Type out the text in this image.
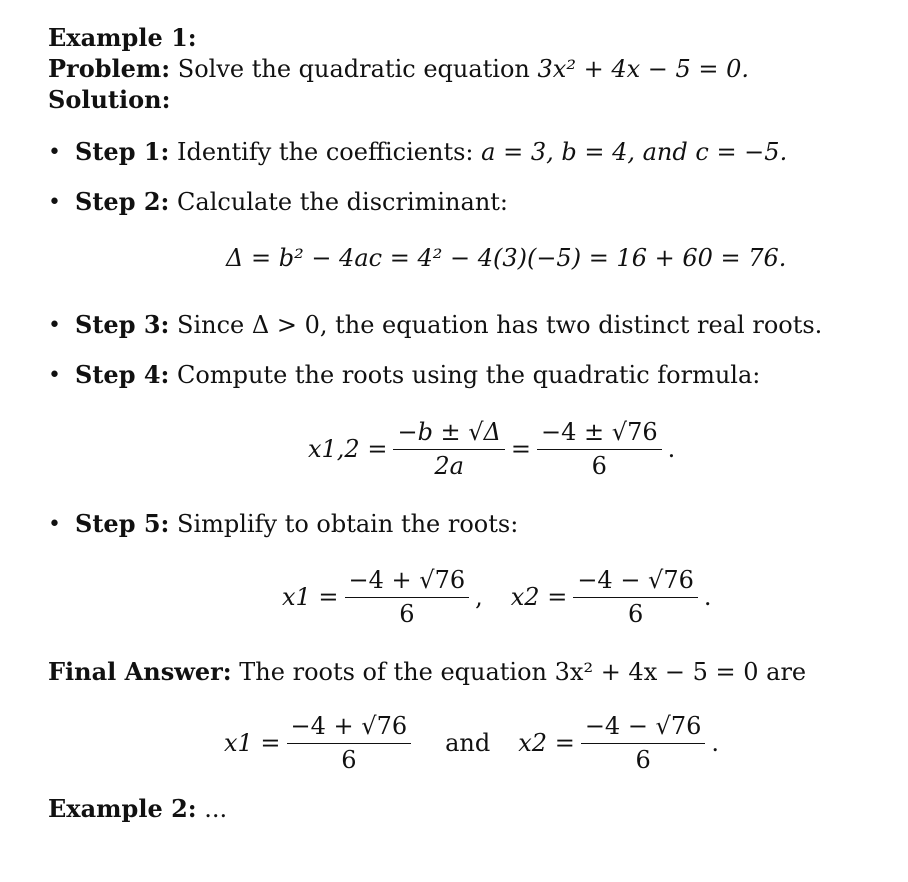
Example 1:
Problem: Solve the quadratic equation 3x² + 4x − 5 = 0.
Solution:
• Step 1: Identify the coefficients: a = 3, b = 4, and c = −5.
• Step 2: Calculate the discriminant:
Δ = b² − 4ac = 4² − 4(3)(−5) = 16 + 60 = 76.
• Step 3: Since Δ > 0, the equation has two distinct real roots.
• Step 4: Compute the roots using the quadratic formula:
$x1,2 = \frac{-b \pm √\Delta}{2a} = \frac{-4 \pm √76}{6}$ .
• Step 5: Simplify to obtain the roots:
$x1 = \frac{-4 + √76}{6}$ , $x2 = \frac{-4 - √76}{6}$ .
Final Answer: The roots of the equation 3x² + 4x − 5 = 0 are
$x1 = \frac{-4 + √76}{6}$ and $x2 = \frac{-4 - √76}{6}$ .
Example 2: ...
